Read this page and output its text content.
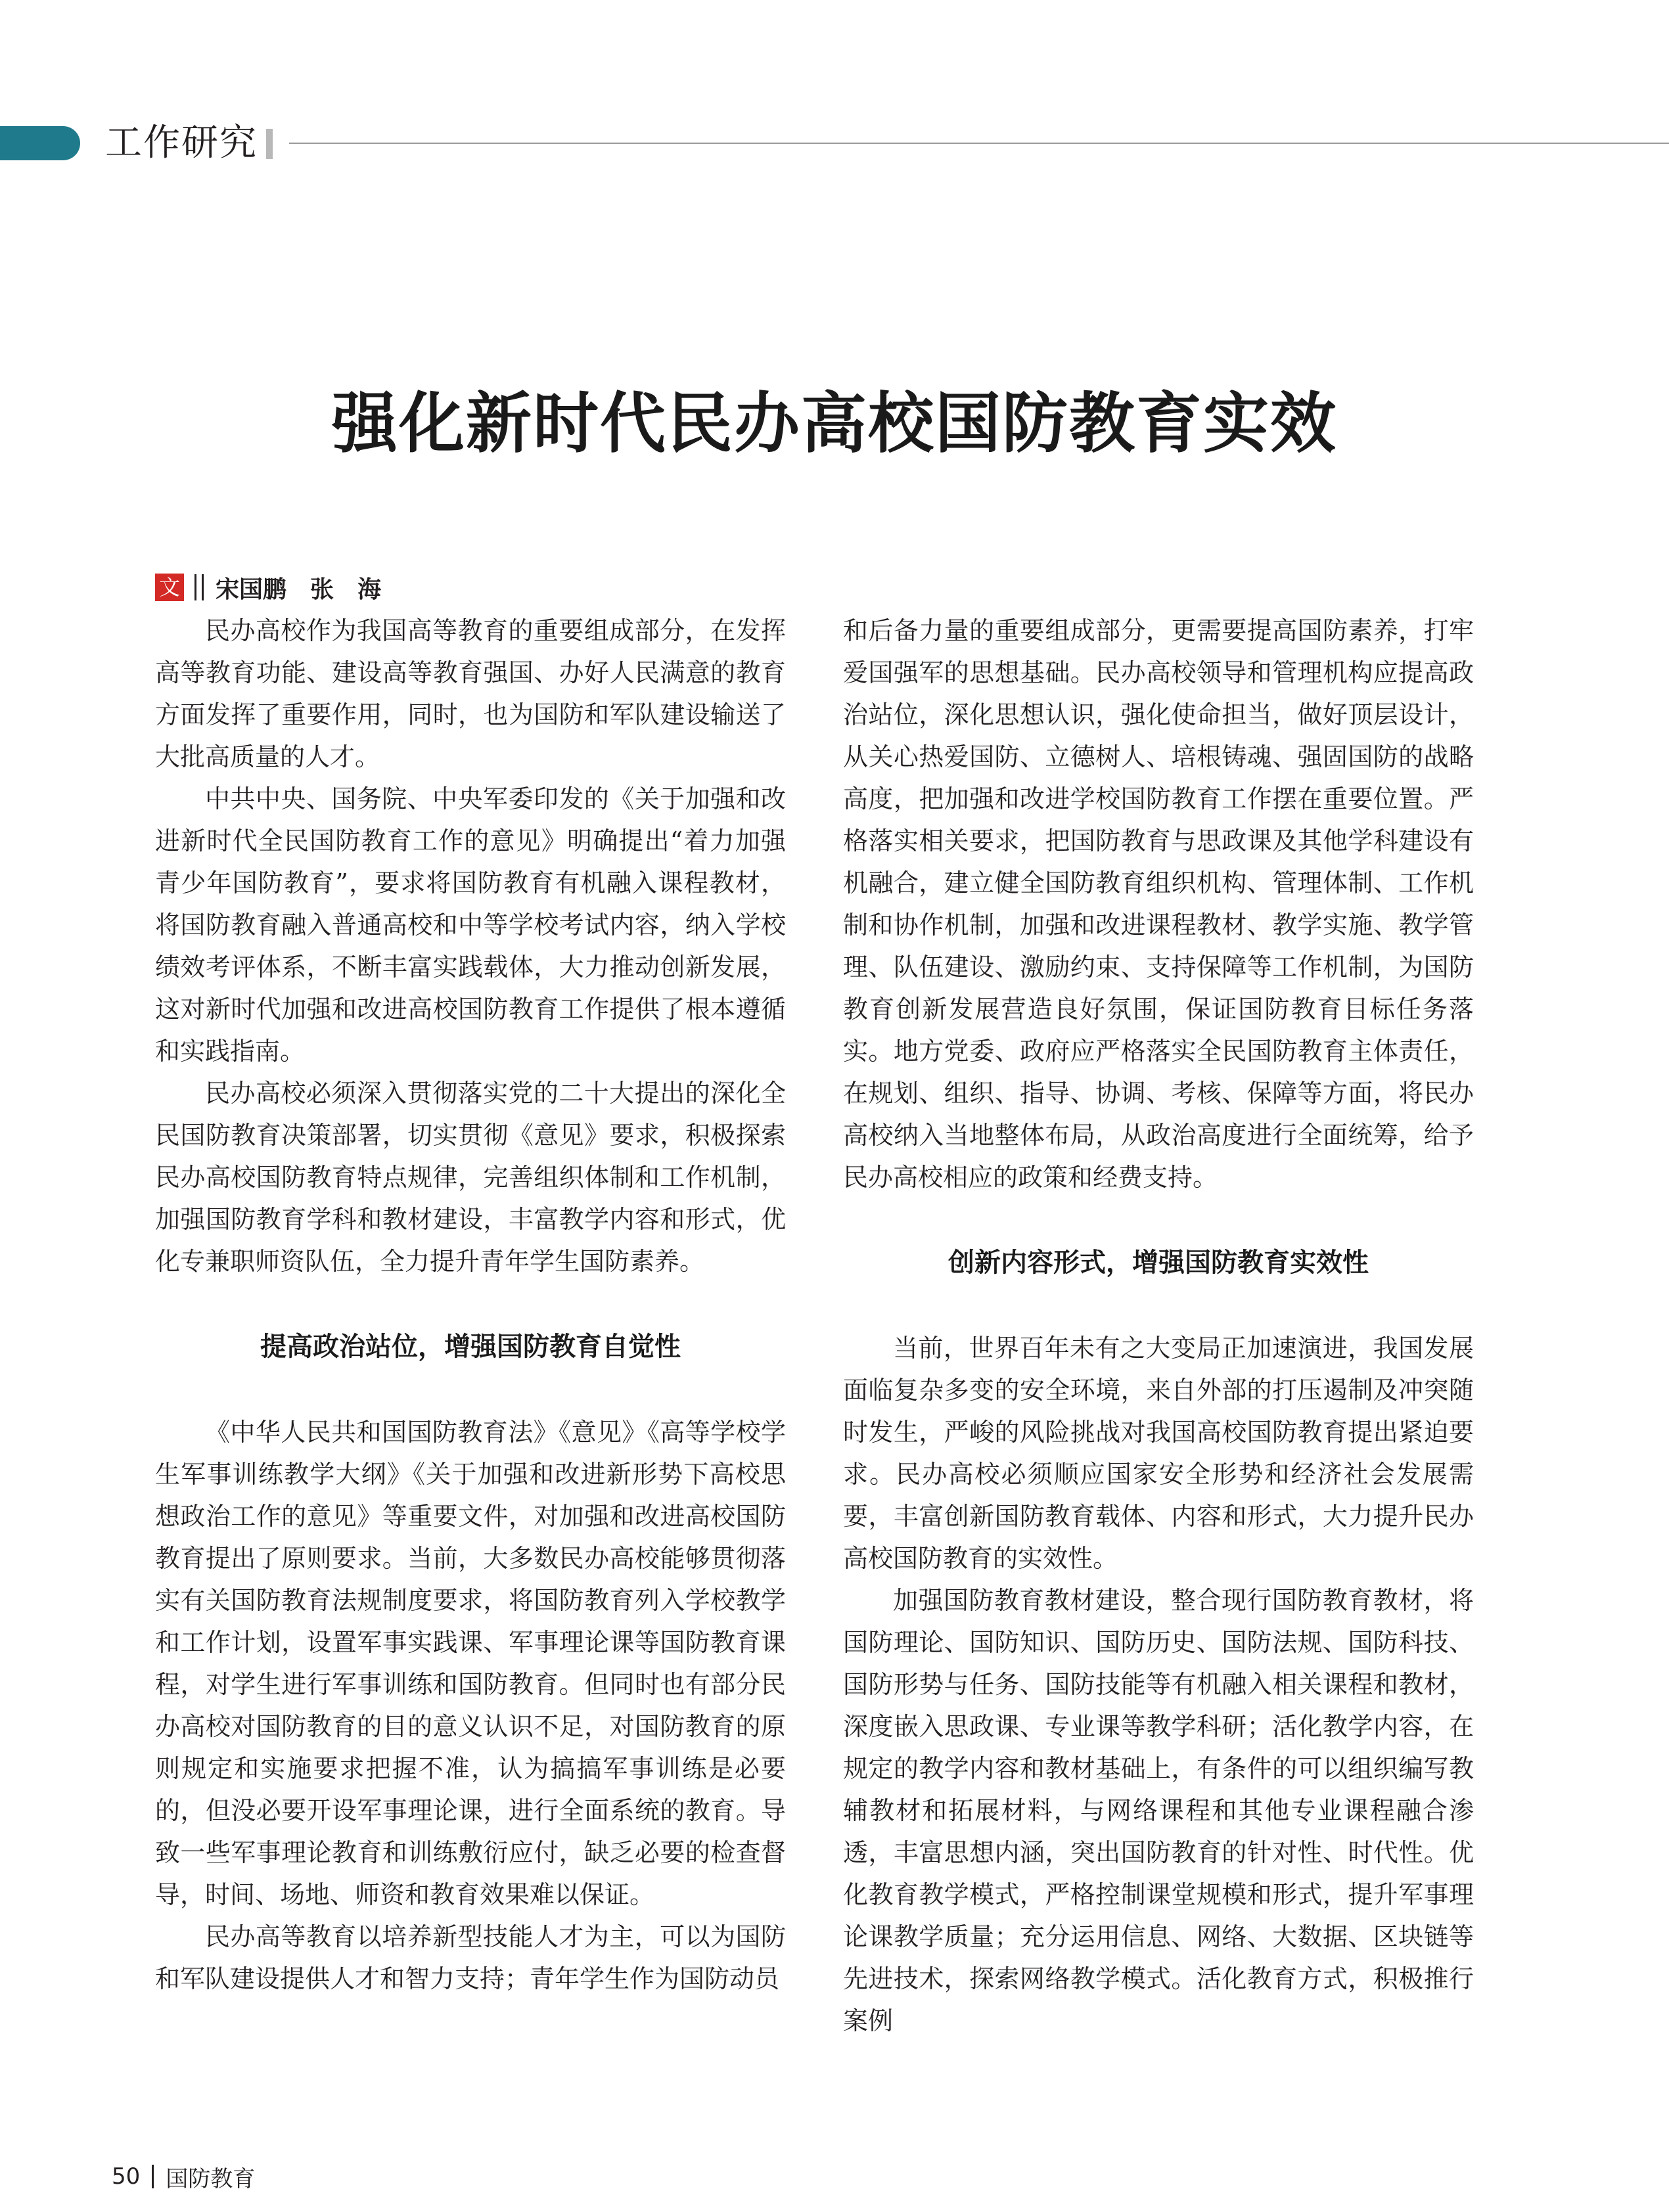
工作研究
强化新时代民办高校国防教育实效
文 宋国鹏　张　海

民办高校作为我国高等教育的重要组成部分，在发挥高等教育功能、建设高等教育强国、办好人民满意的教育方面发挥了重要作用，同时，也为国防和军队建设输送了大批高质量的人才。

中共中央、国务院、中央军委印发的《关于加强和改进新时代全民国防教育工作的意见》明确提出“着力加强青少年国防教育”，要求将国防教育有机融入课程教材，将国防教育融入普通高校和中等学校考试内容，纳入学校绩效考评体系，不断丰富实践载体，大力推动创新发展，这对新时代加强和改进高校国防教育工作提供了根本遵循和实践指南。

民办高校必须深入贯彻落实党的二十大提出的深化全民国防教育决策部署，切实贯彻《意见》要求，积极探索民办高校国防教育特点规律，完善组织体制和工作机制，加强国防教育学科和教材建设，丰富教学内容和形式，优化专兼职师资队伍，全力提升青年学生国防素养。

提高政治站位，增强国防教育自觉性

《中华人民共和国国防教育法》《意见》《高等学校学生军事训练教学大纲》《关于加强和改进新形势下高校思想政治工作的意见》等重要文件，对加强和改进高校国防教育提出了原则要求。当前，大多数民办高校能够贯彻落实有关国防教育法规制度要求，将国防教育列入学校教学和工作计划，设置军事实践课、军事理论课等国防教育课程，对学生进行军事训练和国防教育。但同时也有部分民办高校对国防教育的目的意义认识不足，对国防教育的原则规定和实施要求把握不准，认为搞搞军事训练是必要的，但没必要开设军事理论课，进行全面系统的教育。导致一些军事理论教育和训练敷衍应付，缺乏必要的检查督导，时间、场地、师资和教育效果难以保证。

民办高等教育以培养新型技能人才为主，可以为国防和军队建设提供人才和智力支持；青年学生作为国防动员

和后备力量的重要组成部分，更需要提高国防素养，打牢爱国强军的思想基础。民办高校领导和管理机构应提高政治站位，深化思想认识，强化使命担当，做好顶层设计，从关心热爱国防、立德树人、培根铸魂、强固国防的战略高度，把加强和改进学校国防教育工作摆在重要位置。严格落实相关要求，把国防教育与思政课及其他学科建设有机融合，建立健全国防教育组织机构、管理体制、工作机制和协作机制，加强和改进课程教材、教学实施、教学管理、队伍建设、激励约束、支持保障等工作机制，为国防教育创新发展营造良好氛围，保证国防教育目标任务落实。地方党委、政府应严格落实全民国防教育主体责任，在规划、组织、指导、协调、考核、保障等方面，将民办高校纳入当地整体布局，从政治高度进行全面统筹，给予民办高校相应的政策和经费支持。

创新内容形式，增强国防教育实效性

当前，世界百年未有之大变局正加速演进，我国发展面临复杂多变的安全环境，来自外部的打压遏制及冲突随时发生，严峻的风险挑战对我国高校国防教育提出紧迫要求。民办高校必须顺应国家安全形势和经济社会发展需要，丰富创新国防教育载体、内容和形式，大力提升民办高校国防教育的实效性。

加强国防教育教材建设，整合现行国防教育教材，将国防理论、国防知识、国防历史、国防法规、国防科技、国防形势与任务、国防技能等有机融入相关课程和教材，深度嵌入思政课、专业课等教学科研；活化教学内容，在规定的教学内容和教材基础上，有条件的可以组织编写教辅教材和拓展材料，与网络课程和其他专业课程融合渗透，丰富思想内涵，突出国防教育的针对性、时代性。优化教育教学模式，严格控制课堂规模和形式，提升军事理论课教学质量；充分运用信息、网络、大数据、区块链等先进技术，探索网络教学模式。活化教育方式，积极推行案例

50 国防教育
